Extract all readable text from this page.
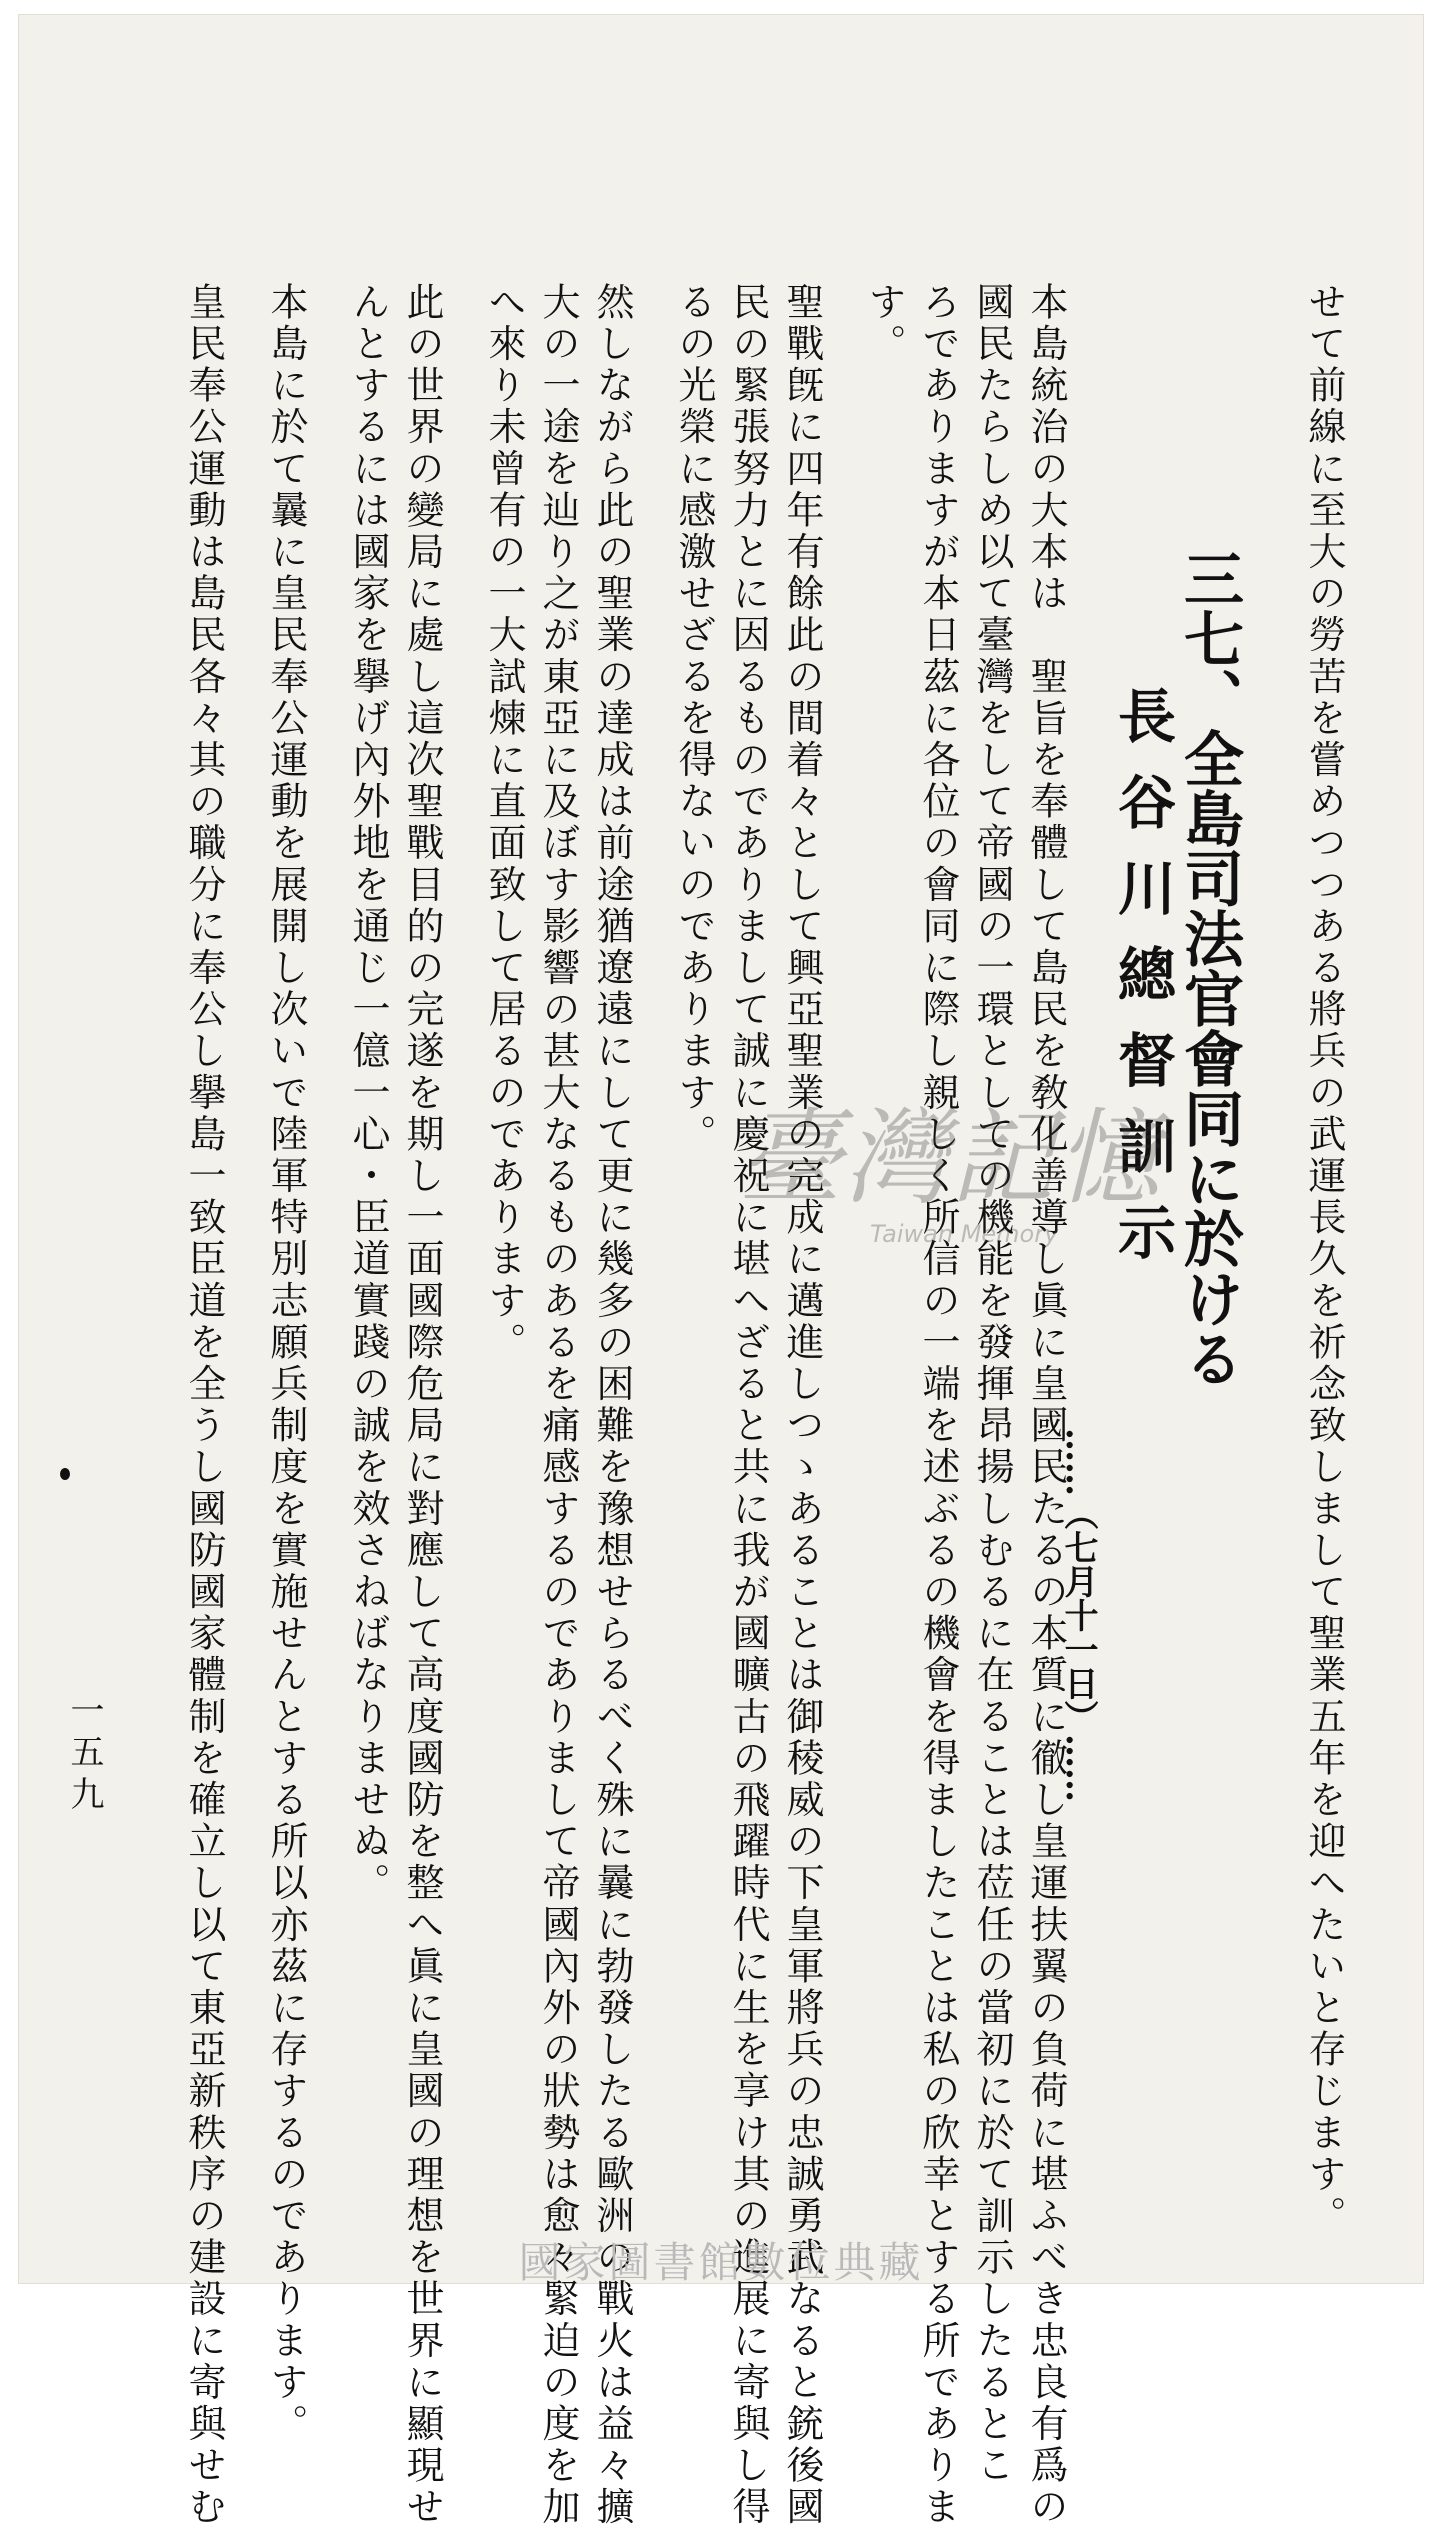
せて前線に至大の勞苦を嘗めつつある將兵の武運長久を祈念致しまして聖業五年を迎へたいと存じます。
三七、全島司法官會同に於ける
長谷川總督訓示
……（七月十一日）……
本島統治の大本は　聖旨を奉體して島民を敎化善導し眞に皇國民たるの本質に徹し皇運扶翼の負荷に堪ふべき忠良有爲の
國民たらしめ以て臺灣をして帝國の一環としての機能を發揮昂揚しむるに在ることは莅任の當初に於て訓示したるとこ
ろでありますが本日茲に各位の會同に際し親しく所信の一端を述ぶるの機會を得ましたことは私の欣幸とする所でありま
す。
聖戰旣に四年有餘此の間着々として興亞聖業の完成に邁進しつゝあることは御稜威の下皇軍將兵の忠誠勇武なると銃後國
民の緊張努力とに因るものでありまして誠に慶祝に堪へざると共に我が國曠古の飛躍時代に生を享け其の進展に寄與し得
るの光榮に感激せざるを得ないのであります。
然しながら此の聖業の達成は前途猶遼遠にして更に幾多の困難を豫想せらるべく殊に曩に勃發したる歐洲の戰火は益々擴
大の一途を辿り之が東亞に及ぼす影響の甚大なるものあるを痛感するのでありまして帝國內外の狀勢は愈々緊迫の度を加
へ來り未曾有の一大試煉に直面致して居るのであります。
此の世界の變局に處し這次聖戰目的の完遂を期し一面國際危局に對應して高度國防を整へ眞に皇國の理想を世界に顯現せ
んとするには國家を擧げ內外地を通じ一億一心・臣道實踐の誠を效さねばなりませぬ。
本島に於て曩に皇民奉公運動を展開し次いで陸軍特別志願兵制度を實施せんとする所以亦茲に存するのであります。
皇民奉公運動は島民各々其の職分に奉公し擧島一致臣道を全うし國防國家體制を確立し以て東亞新秩序の建設に寄與せむ
一五九
臺灣記憶
Taiwan Memory
國家圖書館數位典藏
